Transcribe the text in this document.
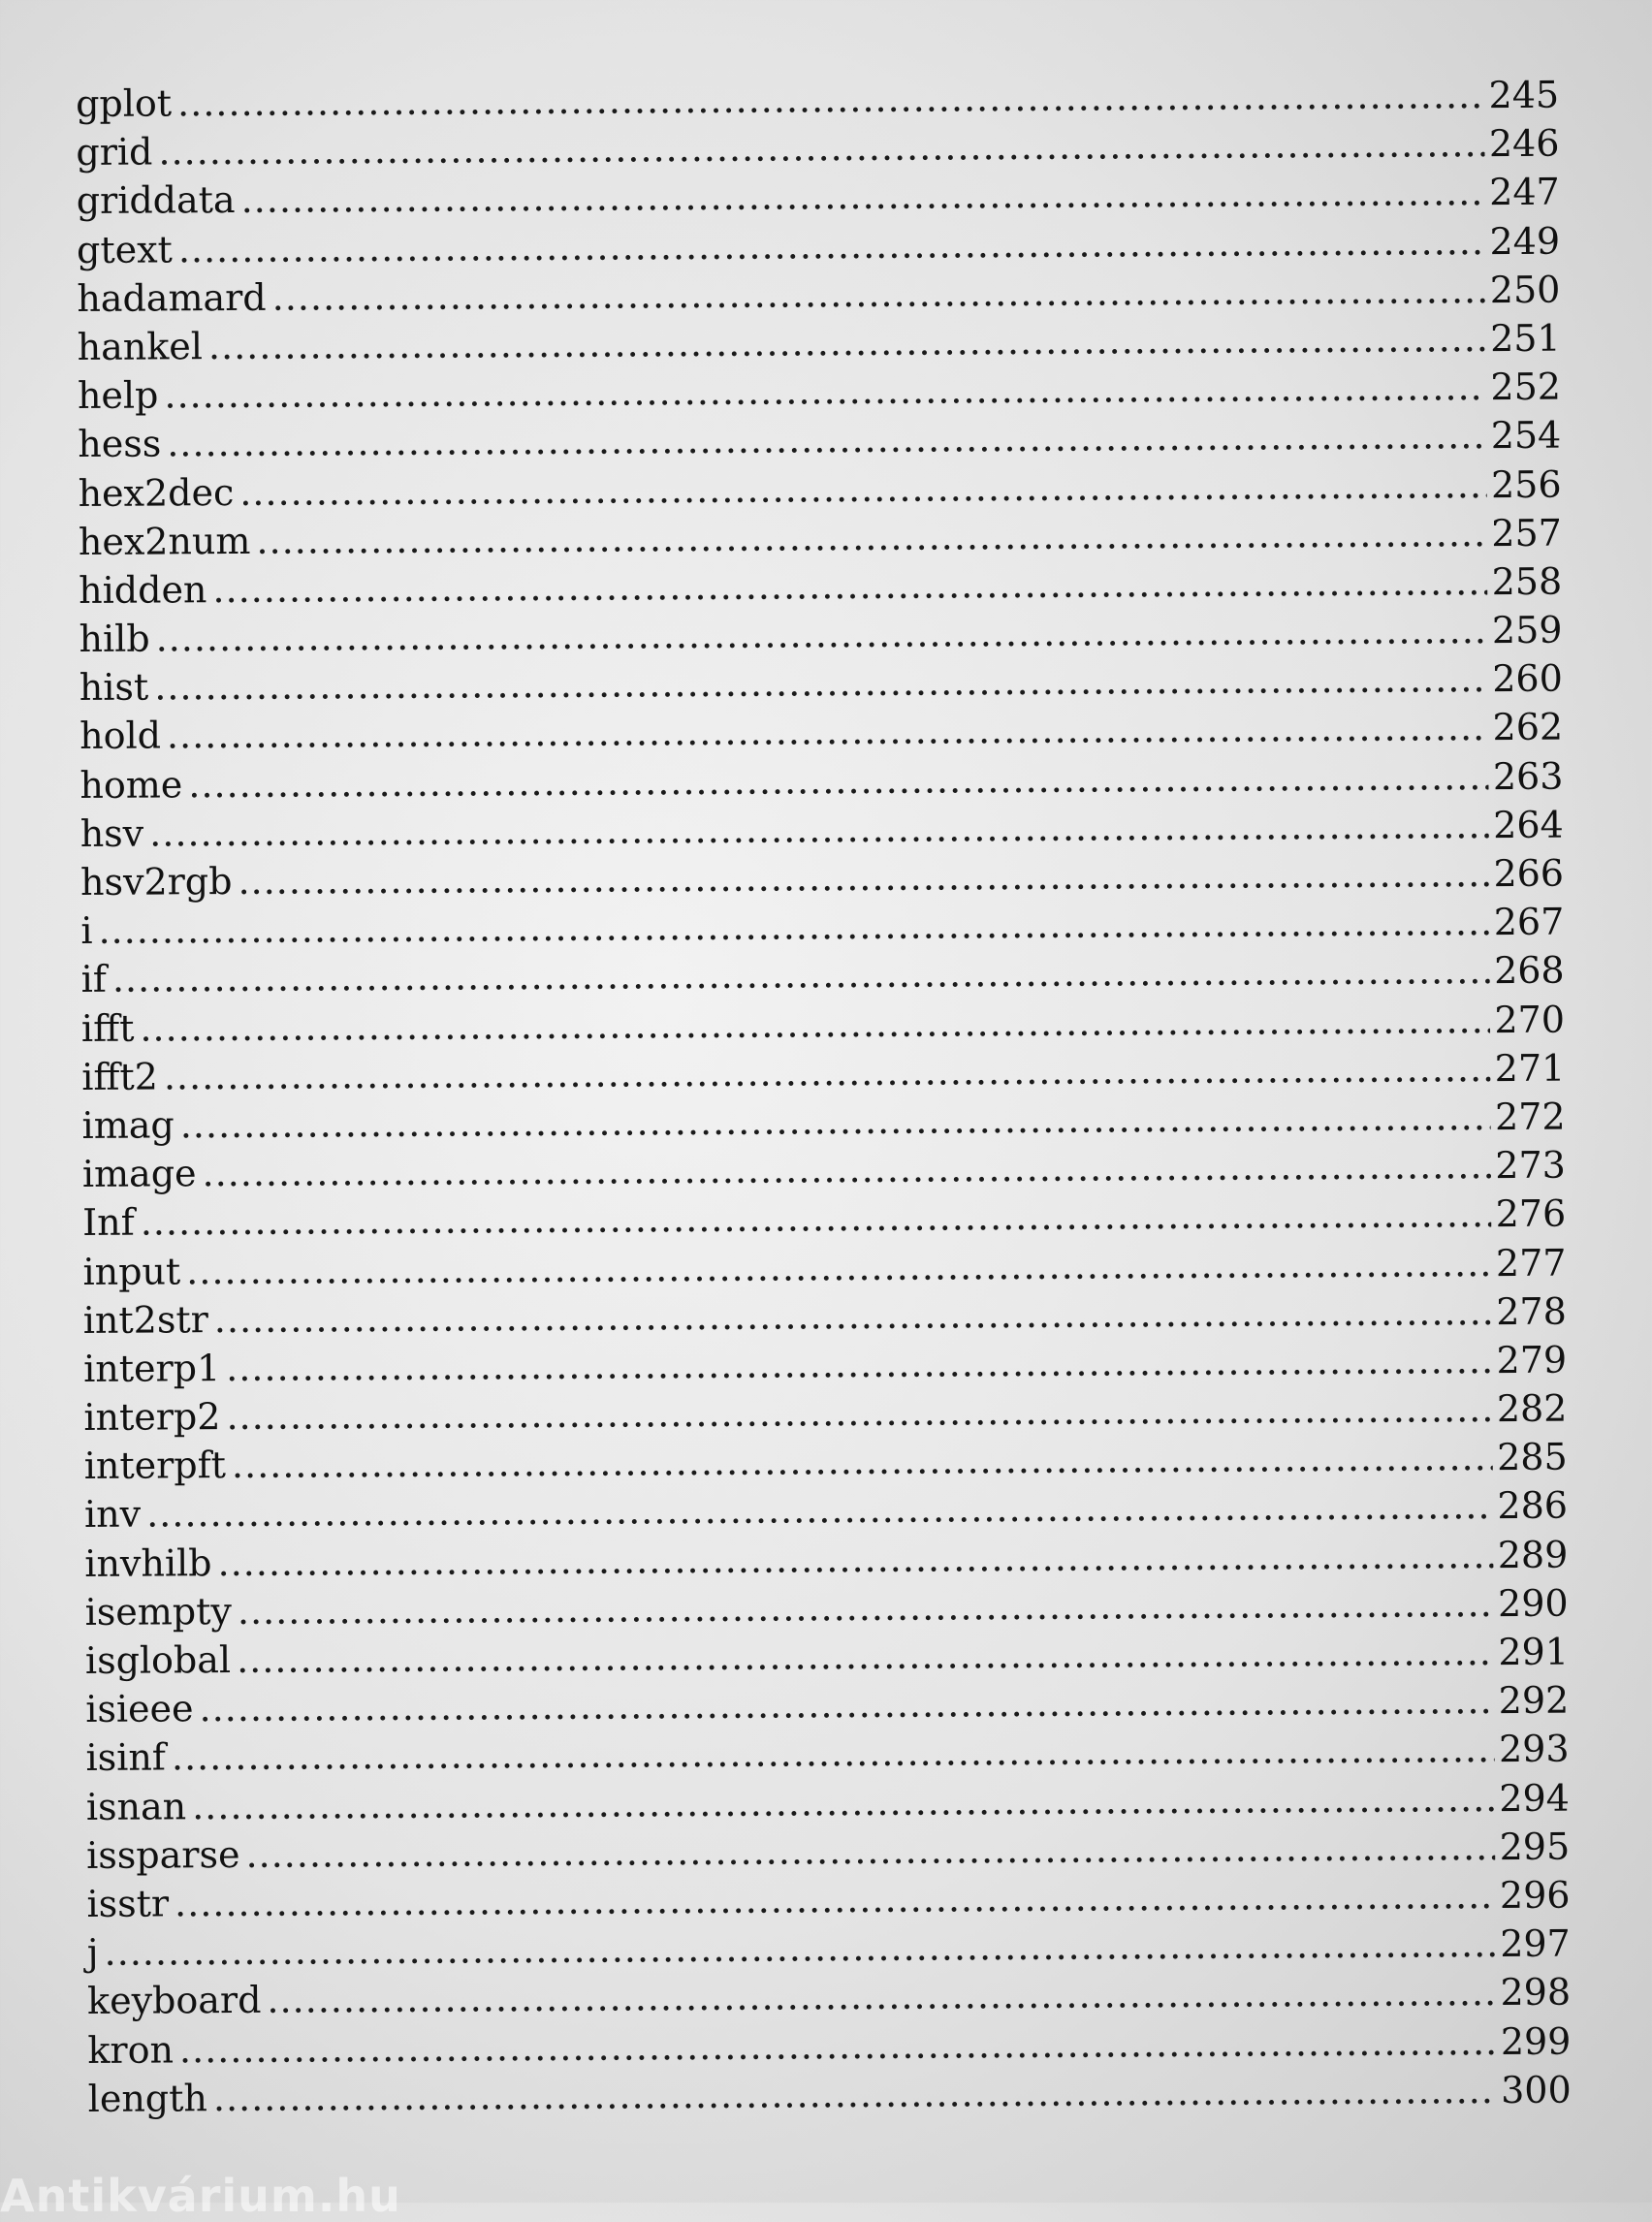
gplot .....	245
grid .....	246
griddata .....	247
gtext .....	249
hadamard .....	250
hankel .....	251
help .....	252
hess .....	254
hex2dec .....	256
hex2num .....	257
hidden .....	258
hilb .....	259
hist .....	260
hold .....	262
home .....	263
hsv .....	264
hsv2rgb .....	266
i .....	267
if .....	268
ifft .....	270
ifft2 .....	271
imag .....	272
image .....	273
Inf .....	276
input .....	277
int2str .....	278
interp1 .....	279
interp2 .....	282
interpft .....	285
inv .....	286
invhilb .....	289
isempty .....	290
isglobal .....	291
isieee .....	292
isinf .....	293
isnan .....	294
issparse .....	295
isstr .....	296
j .....	297
keyboard .....	298
kron .....	299
length .....	300
Antikvárium.hu
